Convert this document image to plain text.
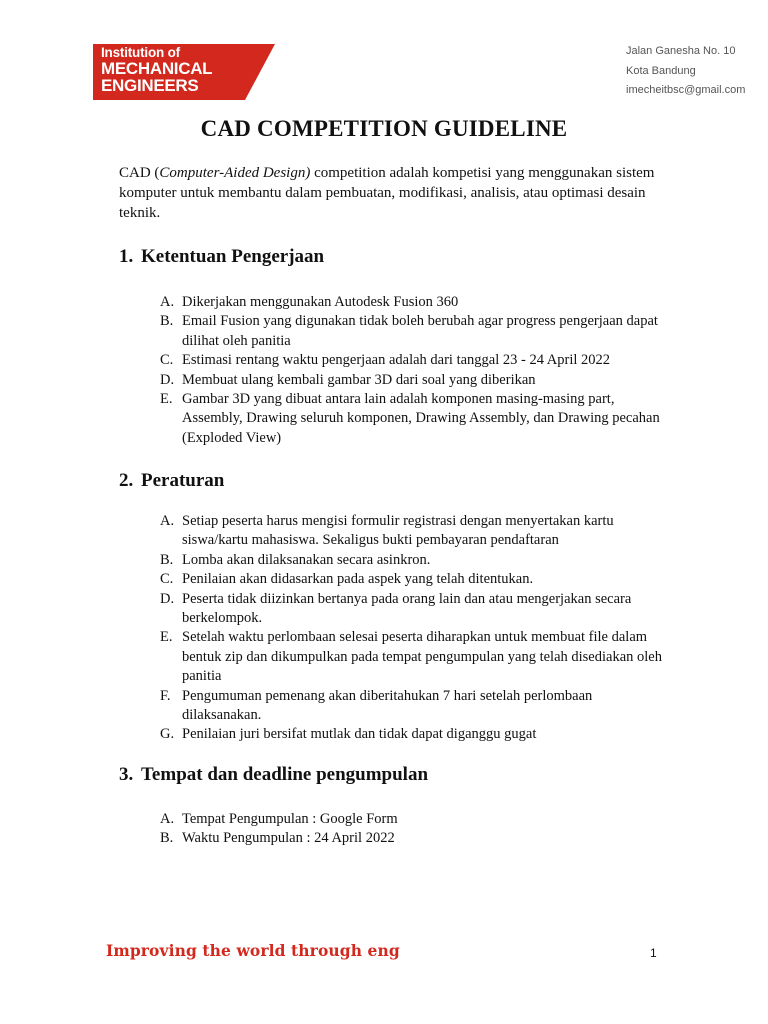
Institution of
MECHANICAL
ENGINEERS
Jalan Ganesha No. 10
Kota Bandung
imecheitbsc@gmail.com
CAD COMPETITION GUIDELINE
CAD (Computer-Aided Design) competition adalah kompetisi yang menggunakan sistem komputer untuk membantu dalam pembuatan, modifikasi, analisis, atau optimasi desain teknik.
1. Ketentuan Pengerjaan
A. Dikerjakan menggunakan Autodesk Fusion 360
B. Email Fusion yang digunakan tidak boleh berubah agar progress pengerjaan dapat dilihat oleh panitia
C. Estimasi rentang waktu pengerjaan adalah dari tanggal 23 - 24 April 2022
D. Membuat ulang kembali gambar 3D dari soal yang diberikan
E. Gambar 3D yang dibuat antara lain adalah komponen masing-masing part, Assembly, Drawing seluruh komponen, Drawing Assembly, dan Drawing pecahan (Exploded View)
2. Peraturan
A. Setiap peserta harus mengisi formulir registrasi dengan menyertakan kartu siswa/kartu mahasiswa. Sekaligus bukti pembayaran pendaftaran
B. Lomba akan dilaksanakan secara asinkron.
C. Penilaian akan didasarkan pada aspek yang telah ditentukan.
D. Peserta tidak diizinkan bertanya pada orang lain dan atau mengerjakan secara berkelompok.
E. Setelah waktu perlombaan selesai peserta diharapkan untuk membuat file dalam bentuk zip dan dikumpulkan pada tempat pengumpulan yang telah disediakan oleh panitia
F. Pengumuman pemenang akan diberitahukan 7 hari setelah perlombaan dilaksanakan.
G. Penilaian juri bersifat mutlak dan tidak dapat diganggu gugat
3. Tempat dan deadline pengumpulan
A. Tempat Pengumpulan : Google Form
B. Waktu Pengumpulan : 24 April 2022
Improving the world through eng	1
